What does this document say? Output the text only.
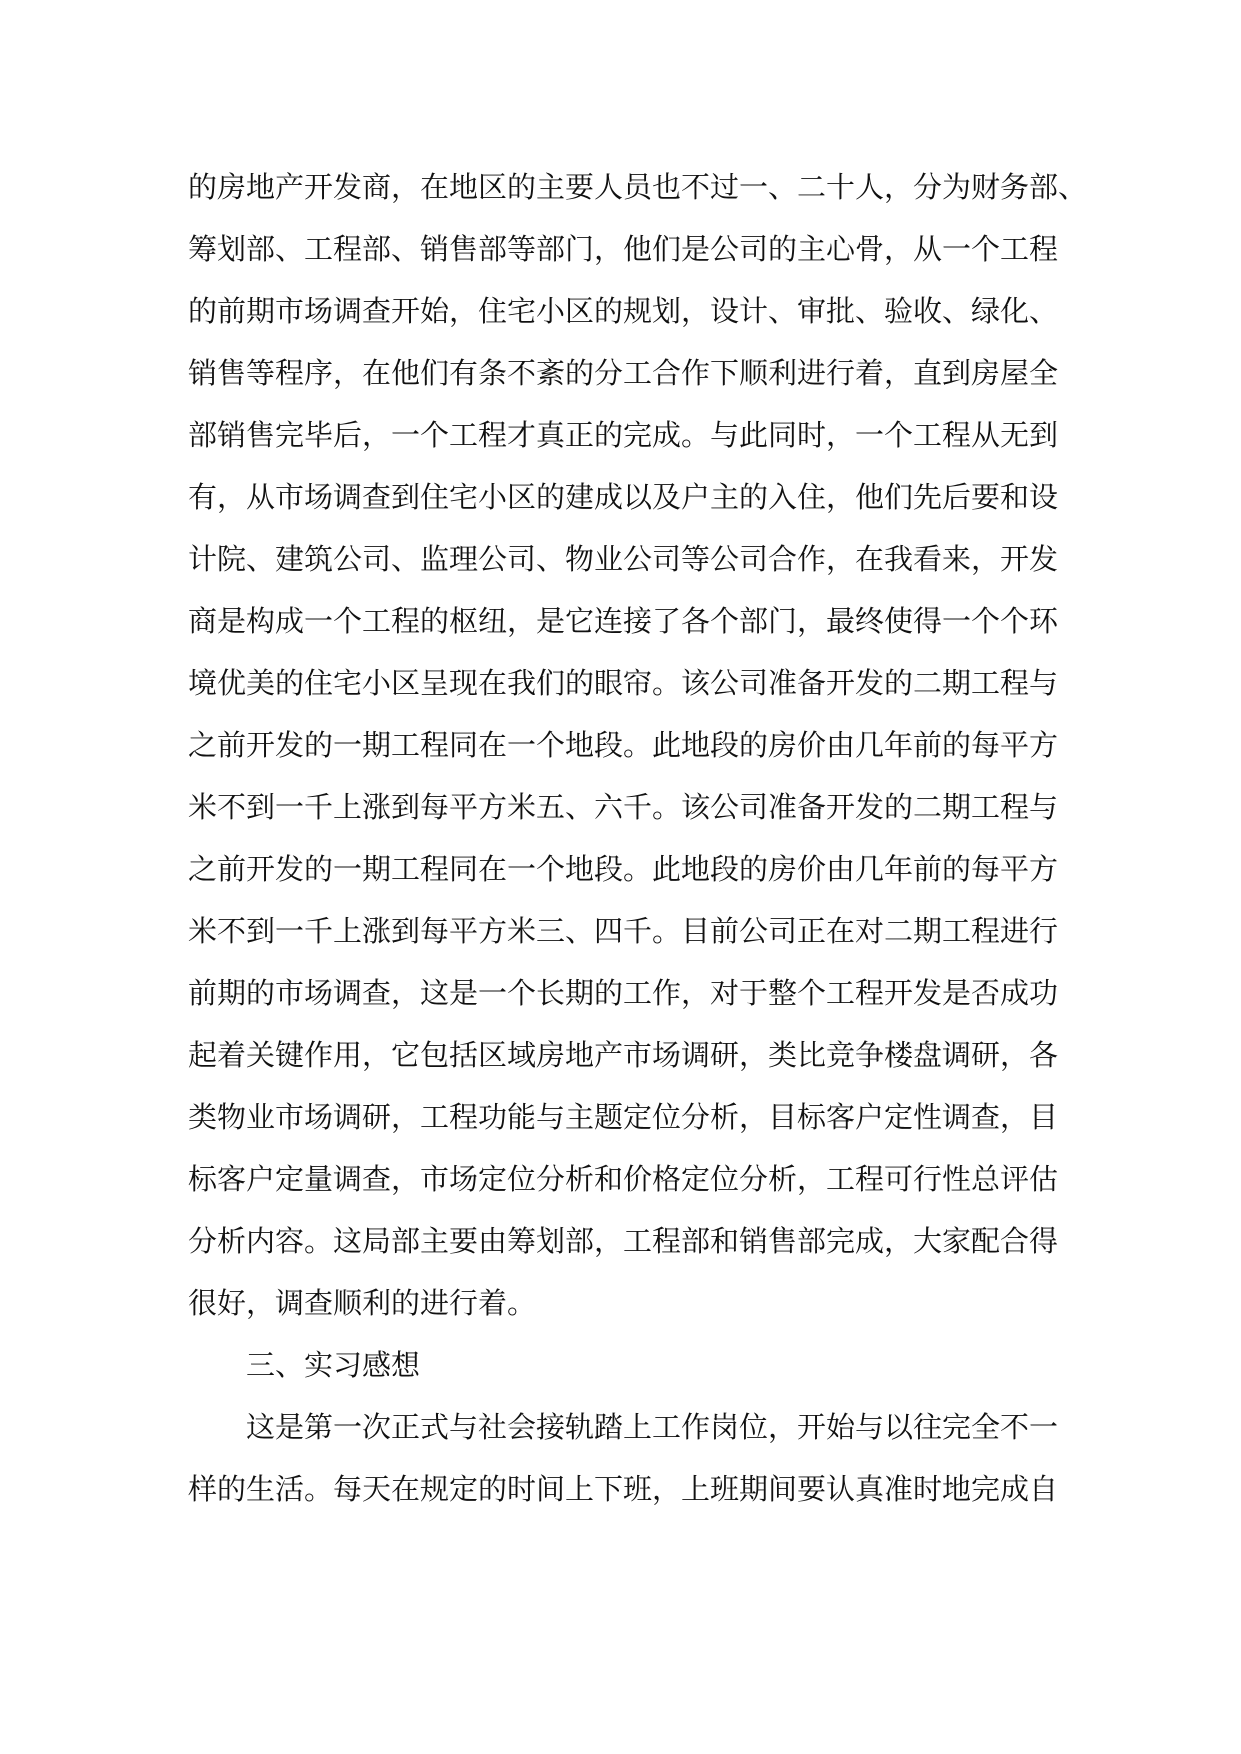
的房地产开发商，在地区的主要人员也不过一、二十人，分为财务部、
筹划部、工程部、销售部等部门，他们是公司的主心骨，从一个工程
的前期市场调查开始，住宅小区的规划，设计、审批、验收、绿化、
销售等程序，在他们有条不紊的分工合作下顺利进行着，直到房屋全
部销售完毕后，一个工程才真正的完成。与此同时，一个工程从无到
有，从市场调查到住宅小区的建成以及户主的入住，他们先后要和设
计院、建筑公司、监理公司、物业公司等公司合作，在我看来，开发
商是构成一个工程的枢纽，是它连接了各个部门，最终使得一个个环
境优美的住宅小区呈现在我们的眼帘。该公司准备开发的二期工程与
之前开发的一期工程同在一个地段。此地段的房价由几年前的每平方
米不到一千上涨到每平方米五、六千。该公司准备开发的二期工程与
之前开发的一期工程同在一个地段。此地段的房价由几年前的每平方
米不到一千上涨到每平方米三、四千。目前公司正在对二期工程进行
前期的市场调查，这是一个长期的工作，对于整个工程开发是否成功
起着关键作用，它包括区域房地产市场调研，类比竞争楼盘调研，各
类物业市场调研，工程功能与主题定位分析，目标客户定性调查，目
标客户定量调查，市场定位分析和价格定位分析，工程可行性总评估
分析内容。这局部主要由筹划部，工程部和销售部完成，大家配合得
很好，调查顺利的进行着。
三、实习感想
这是第一次正式与社会接轨踏上工作岗位，开始与以往完全不一
样的生活。每天在规定的时间上下班，上班期间要认真准时地完成自
